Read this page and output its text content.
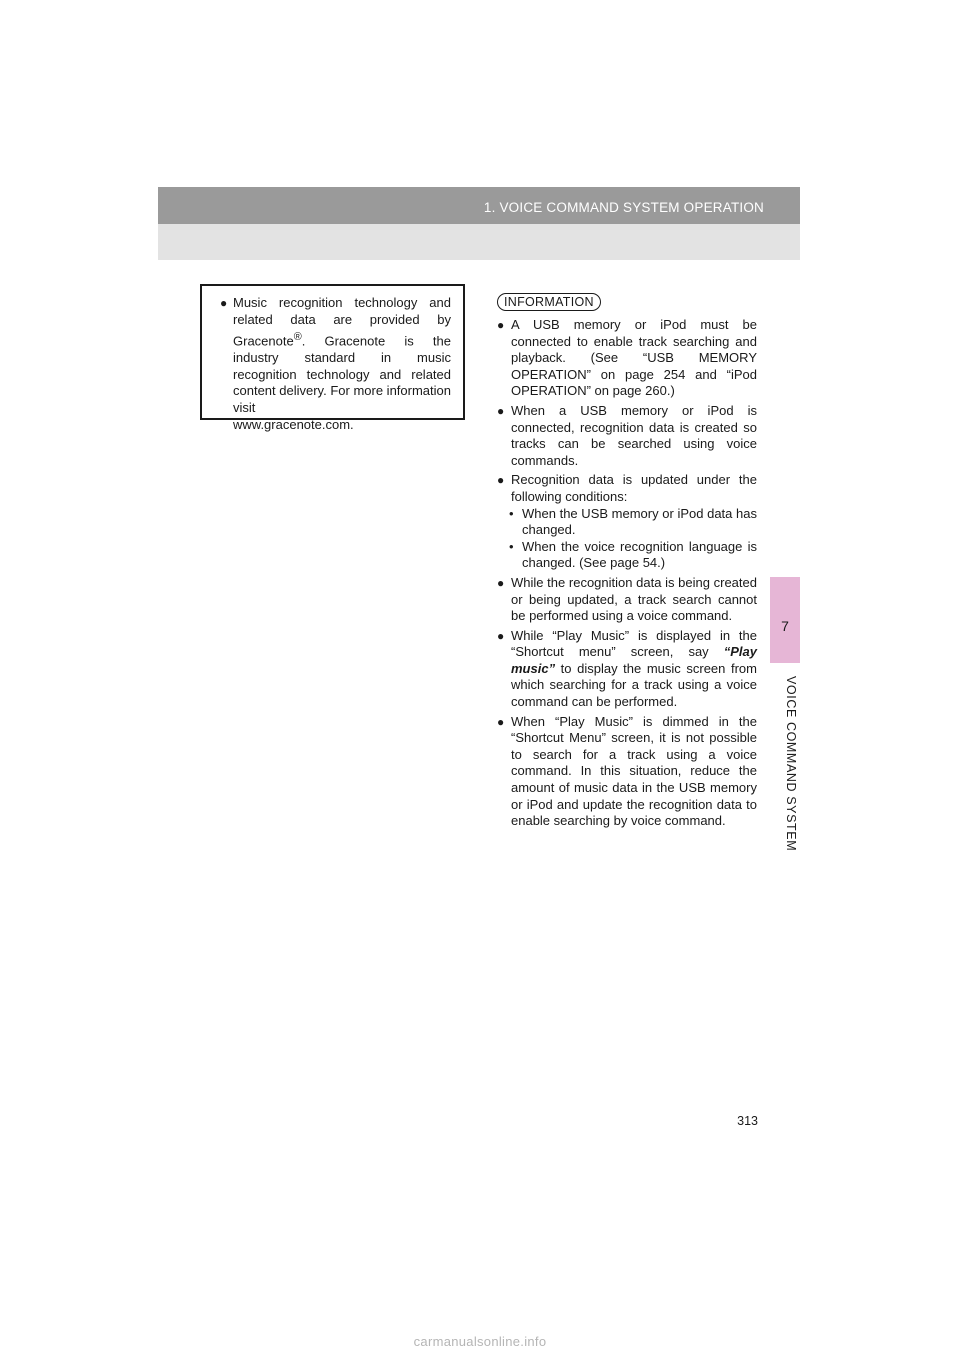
1. VOICE COMMAND SYSTEM OPERATION
● Music recognition technology and related data are provided by Gracenote®. Gracenote is the industry standard in music recognition technology and related content delivery. For more information visit
www.gracenote.com.
INFORMATION
● A USB memory or iPod must be connected to enable track searching and playback. (See “USB MEMORY OPERATION” on page 254 and “iPod OPERATION” on page 260.)
● When a USB memory or iPod is connected, recognition data is created so tracks can be searched using voice commands.
● Recognition data is updated under the following conditions:
• When the USB memory or iPod data has changed.
• When the voice recognition language is changed. (See page 54.)
● While the recognition data is being created or being updated, a track search cannot be performed using a voice command.
● While “Play Music” is displayed in the “Shortcut menu” screen, say “Play music” to display the music screen from which searching for a track using a voice command can be performed.
● When “Play Music” is dimmed in the “Shortcut Menu” screen, it is not possible to search for a track using a voice command. In this situation, reduce the amount of music data in the USB memory or iPod and update the recognition data to enable searching by voice command.
7
VOICE COMMAND SYSTEM
313
carmanualsonline.info
